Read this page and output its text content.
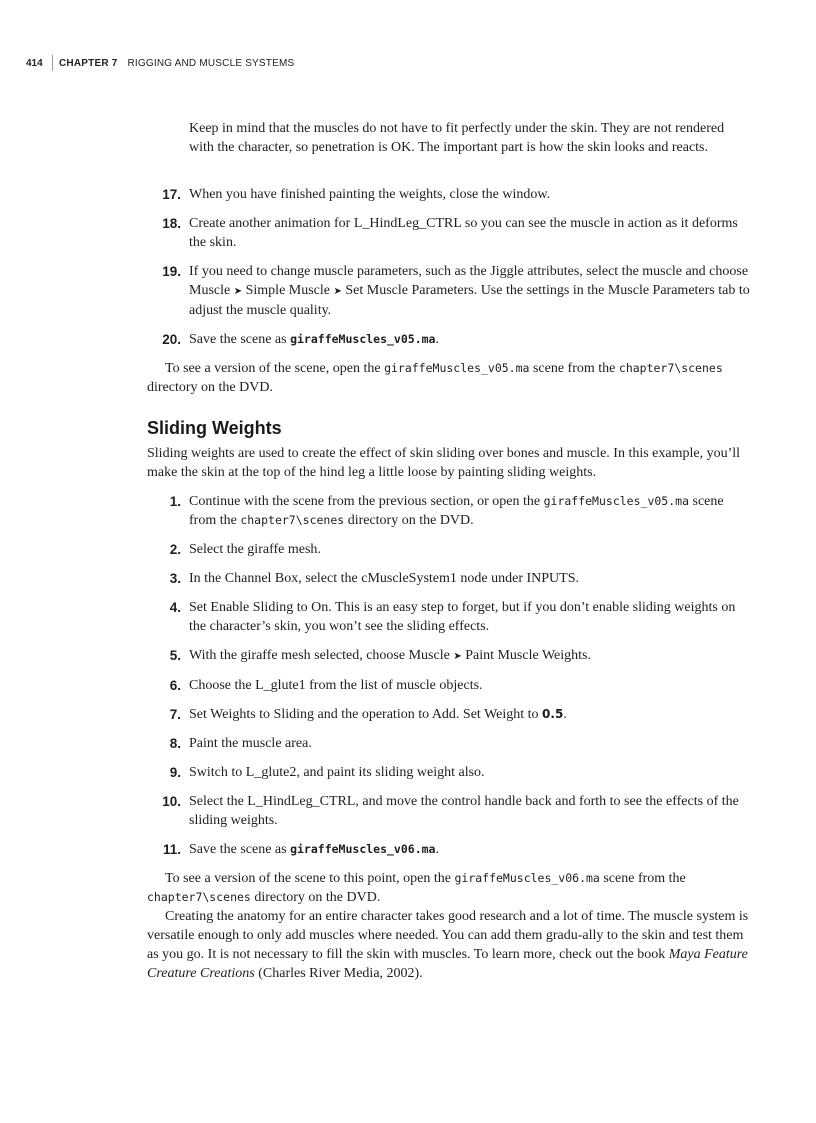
414 CHAPTER 7 RIGGING AND MUSCLE SYSTEMS
Keep in mind that the muscles do not have to fit perfectly under the skin. They are not rendered with the character, so penetration is OK. The important part is how the skin looks and reacts.
17. When you have finished painting the weights, close the window.
18. Create another animation for L_HindLeg_CTRL so you can see the muscle in action as it deforms the skin.
19. If you need to change muscle parameters, such as the Jiggle attributes, select the muscle and choose Muscle ➤ Simple Muscle ➤ Set Muscle Parameters. Use the settings in the Muscle Parameters tab to adjust the muscle quality.
20. Save the scene as giraffeMuscles_v05.ma.
To see a version of the scene, open the giraffeMuscles_v05.ma scene from the chapter7\scenes directory on the DVD.
Sliding Weights
Sliding weights are used to create the effect of skin sliding over bones and muscle. In this example, you’ll make the skin at the top of the hind leg a little loose by painting sliding weights.
1. Continue with the scene from the previous section, or open the giraffeMuscles_v05.ma scene from the chapter7\scenes directory on the DVD.
2. Select the giraffe mesh.
3. In the Channel Box, select the cMuscleSystem1 node under INPUTS.
4. Set Enable Sliding to On. This is an easy step to forget, but if you don’t enable sliding weights on the character’s skin, you won’t see the sliding effects.
5. With the giraffe mesh selected, choose Muscle ➤ Paint Muscle Weights.
6. Choose the L_glute1 from the list of muscle objects.
7. Set Weights to Sliding and the operation to Add. Set Weight to 0.5.
8. Paint the muscle area.
9. Switch to L_glute2, and paint its sliding weight also.
10. Select the L_HindLeg_CTRL, and move the control handle back and forth to see the effects of the sliding weights.
11. Save the scene as giraffeMuscles_v06.ma.
To see a version of the scene to this point, open the giraffeMuscles_v06.ma scene from the chapter7\scenes directory on the DVD.
Creating the anatomy for an entire character takes good research and a lot of time. The muscle system is versatile enough to only add muscles where needed. You can add them gradu-ally to the skin and test them as you go. It is not necessary to fill the skin with muscles. To learn more, check out the book Maya Feature Creature Creations (Charles River Media, 2002).
